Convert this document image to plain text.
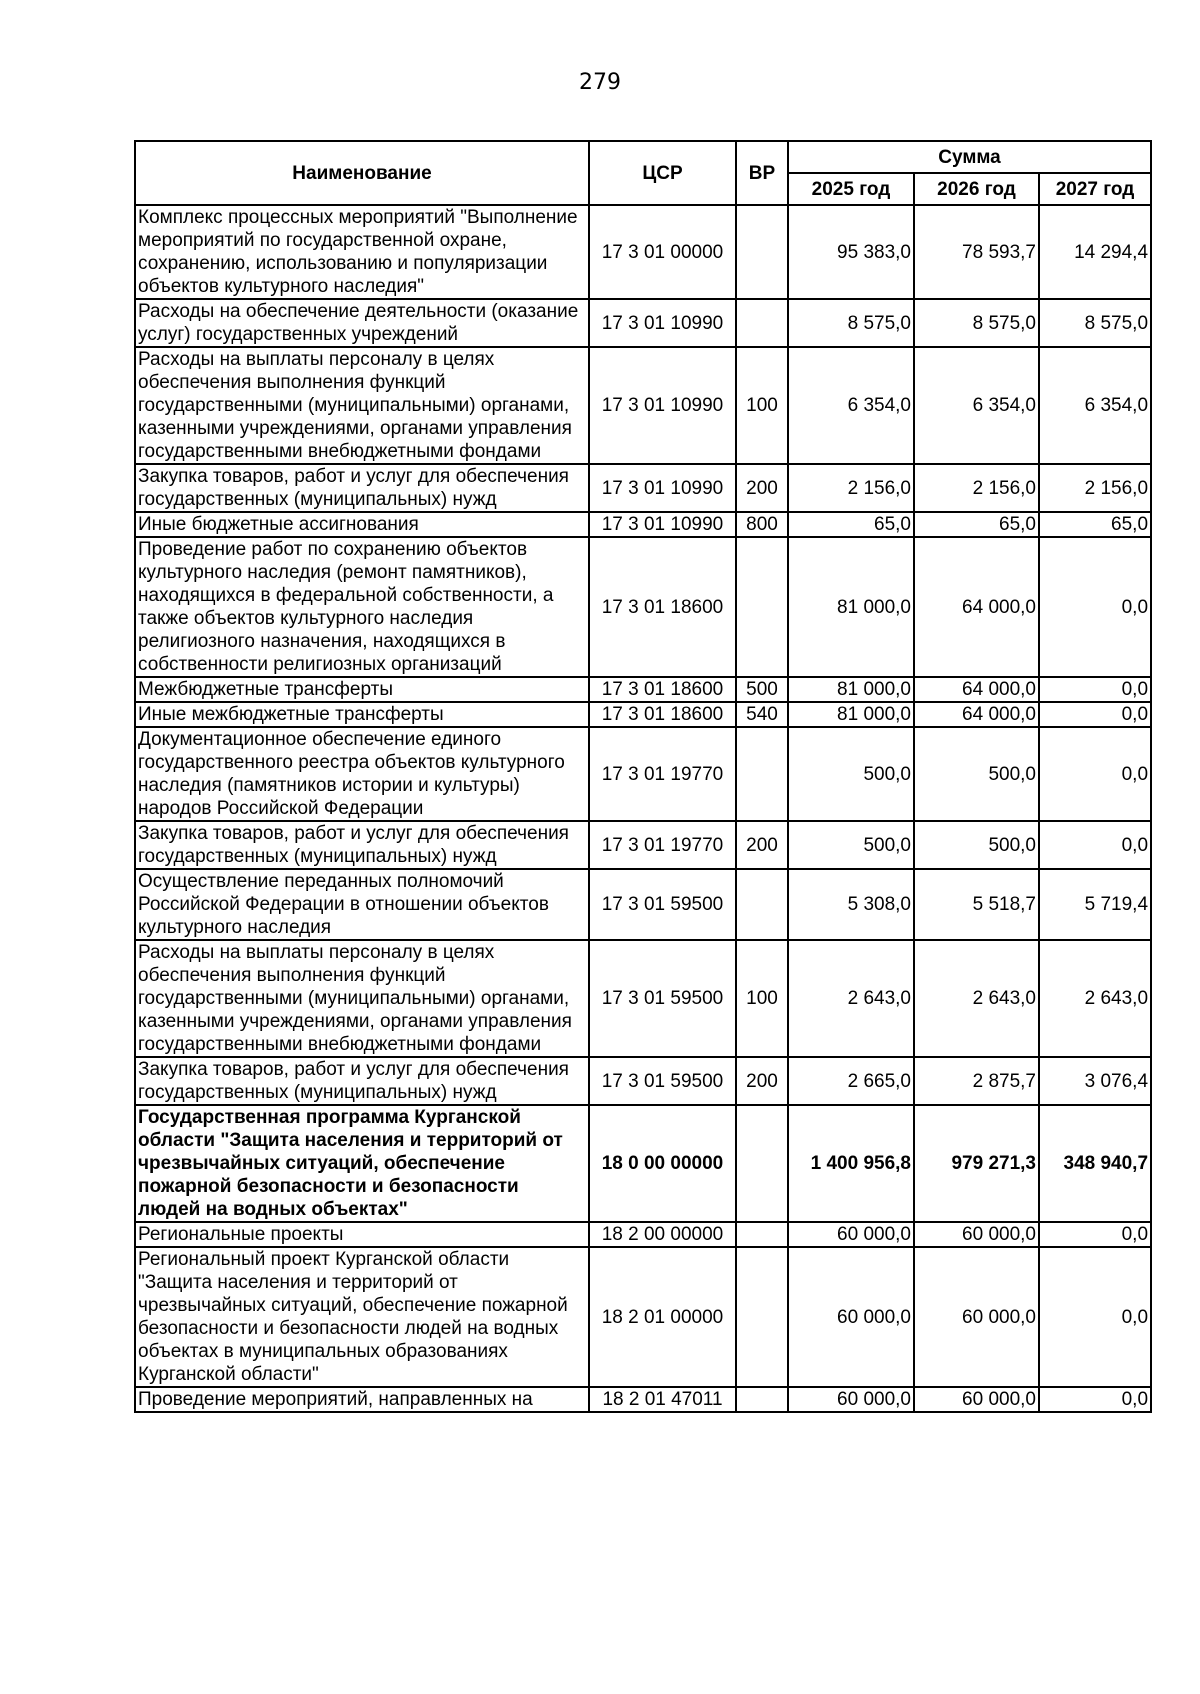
279
Наименование	ЦСР	ВР	Сумма		
			2025 год	2026 год	2027 год
Комплекс процессных мероприятий "Выполнение мероприятий по государственной охране, сохранению, использованию и популяризации объектов культурного наследия"	17 3 01 00000		95 383,0	78 593,7	14 294,4
Расходы на обеспечение деятельности (оказание услуг) государственных учреждений	17 3 01 10990		8 575,0	8 575,0	8 575,0
Расходы на выплаты персоналу в целях обеспечения выполнения функций государственными (муниципальными) органами, казенными учреждениями, органами управления государственными внебюджетными фондами	17 3 01 10990	100	6 354,0	6 354,0	6 354,0
Закупка товаров, работ и услуг для обеспечения государственных (муниципальных) нужд	17 3 01 10990	200	2 156,0	2 156,0	2 156,0
Иные бюджетные ассигнования	17 3 01 10990	800	65,0	65,0	65,0
Проведение работ по сохранению объектов культурного наследия (ремонт памятников), находящихся в федеральной собственности, а также объектов культурного наследия религиозного назначения, находящихся в собственности религиозных организаций	17 3 01 18600		81 000,0	64 000,0	0,0
Межбюджетные трансферты	17 3 01 18600	500	81 000,0	64 000,0	0,0
Иные межбюджетные трансферты	17 3 01 18600	540	81 000,0	64 000,0	0,0
Документационное обеспечение единого государственного реестра объектов культурного наследия (памятников истории и культуры) народов Российской Федерации	17 3 01 19770		500,0	500,0	0,0
Закупка товаров, работ и услуг для обеспечения государственных (муниципальных) нужд	17 3 01 19770	200	500,0	500,0	0,0
Осуществление переданных полномочий Российской Федерации в отношении объектов культурного наследия	17 3 01 59500		5 308,0	5 518,7	5 719,4
Расходы на выплаты персоналу в целях обеспечения выполнения функций государственными (муниципальными) органами, казенными учреждениями, органами управления государственными внебюджетными фондами	17 3 01 59500	100	2 643,0	2 643,0	2 643,0
Закупка товаров, работ и услуг для обеспечения государственных (муниципальных) нужд	17 3 01 59500	200	2 665,0	2 875,7	3 076,4
Государственная программа Курганской области "Защита населения и территорий от чрезвычайных ситуаций, обеспечение пожарной безопасности и безопасности людей на водных объектах"	18 0 00 00000		1 400 956,8	979 271,3	348 940,7
Региональные проекты	18 2 00 00000		60 000,0	60 000,0	0,0
Региональный проект Курганской области "Защита населения и территорий от чрезвычайных ситуаций, обеспечение пожарной безопасности и безопасности людей на водных объектах в муниципальных образованиях Курганской области"	18 2 01 00000		60 000,0	60 000,0	0,0
Проведение мероприятий, направленных на	18 2 01 47011		60 000,0	60 000,0	0,0
